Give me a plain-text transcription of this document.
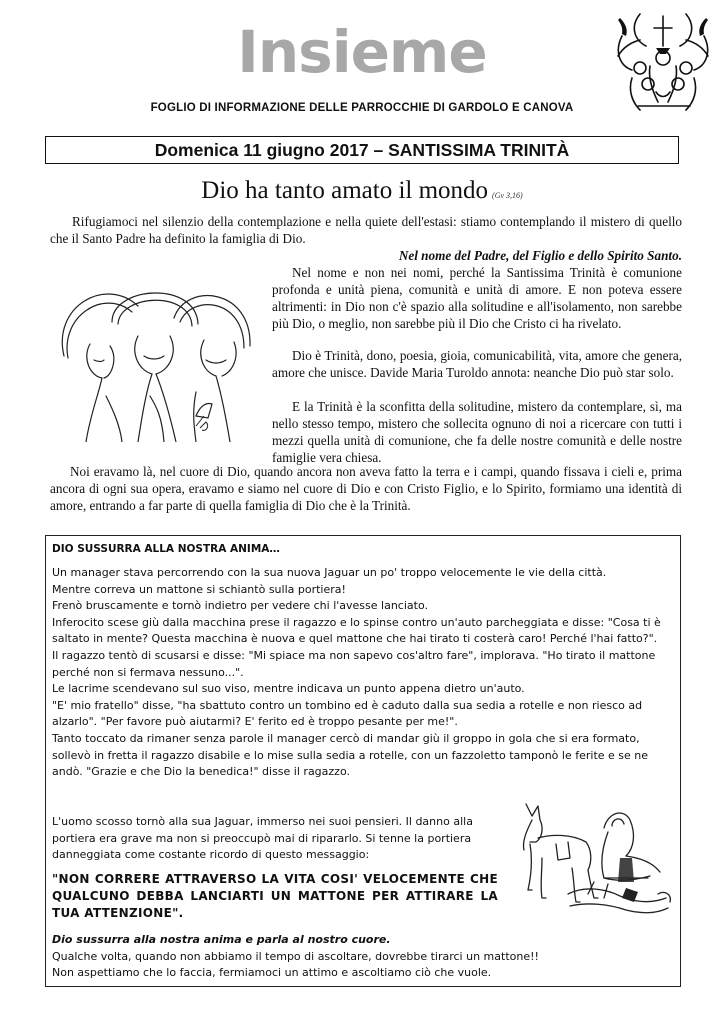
Insieme
FOGLIO DI INFORMAZIONE DELLE PARROCCHIE DI GARDOLO E CANOVA
Domenica 11 giugno 2017 – SANTISSIMA TRINITÀ
Dio ha tanto amato il mondo (Gv 3,16)
Rifugiamoci nel silenzio della contemplazione e nella quiete dell'estasi: stiamo contemplando il mistero di quello che il Santo Padre ha definito la famiglia di Dio.
Nel nome del Padre, del Figlio e dello Spirito Santo.
Nel nome e non nei nomi, perché la Santissima Trinità è comunione profonda e unità piena, comunità e unità di amore. E non poteva essere altrimenti: in Dio non c'è spazio alla solitudine e all'isolamento, non sarebbe più Dio, o meglio, non sarebbe più il Dio che Cristo ci ha rivelato.
Dio è Trinità, dono, poesia, gioia, comunicabilità, vita, amore che genera, amore che unisce. Davide Maria Turoldo annota: neanche Dio può star solo.
E la Trinità è la sconfitta della solitudine, mistero da contemplare, sì, ma nello stesso tempo, mistero che sollecita ognuno di noi a ricercare con tutti i mezzi quella unità di comunione, che fa delle nostre comunità e delle nostre famiglie vera chiesa.
Noi eravamo là, nel cuore di Dio, quando ancora non aveva fatto la terra e i campi, quando fissava i cieli e, prima ancora di ogni sua opera, eravamo e siamo nel cuore di Dio e con Cristo Figlio, e lo Spirito, formiamo una identità di amore, entrando a far parte di quella famiglia di Dio che è la Trinità.
DIO SUSSURRA ALLA NOSTRA ANIMA…

Un manager stava percorrendo con la sua nuova Jaguar un po' troppo velocemente le vie della città.

Mentre correva un mattone si schiantò sulla portiera!

Frenò bruscamente e tornò indietro per vedere chi l'avesse lanciato.

Inferocito scese giù dalla macchina prese il ragazzo e lo spinse contro un'auto parcheggiata e disse: "Cosa ti è saltato in mente? Questa macchina è nuova e quel mattone che hai tirato ti costerà caro! Perché l'hai fatto?".

Il ragazzo tentò di scusarsi e disse: "Mi spiace ma non sapevo cos'altro fare", implorava. "Ho tirato il mattone perché non si fermava nessuno...".

Le lacrime scendevano sul suo viso, mentre indicava un punto appena dietro un'auto.

"E' mio fratello" disse, "ha sbattuto contro un tombino ed è caduto dalla sua sedia a rotelle e non riesco ad alzarlo". "Per favore può aiutarmi? E' ferito ed è troppo pesante per me!".

Tanto toccato da rimaner senza parole il manager cercò di mandar giù il groppo in gola che si era formato, sollevò in fretta il ragazzo disabile e lo mise sulla sedia a rotelle, con un fazzoletto tamponò le ferite e se ne andò. "Grazie e che Dio la benedica!" disse il ragazzo.

L'uomo scosso tornò alla sua Jaguar, immerso nei suoi pensieri. Il danno alla portiera era grave ma non si preoccupò mai di ripararlo. Si tenne la portiera danneggiata come costante ricordo di questo messaggio:

"NON CORRERE ATTRAVERSO LA VITA COSI' VELOCEMENTE CHE QUALCUNO DEBBA LANCIARTI UN MATTONE PER ATTIRARE LA TUA ATTENZIONE".

Dio sussurra alla nostra anima e parla al nostro cuore.

Qualche volta, quando non abbiamo il tempo di ascoltare, dovrebbe tirarci un mattone!!

Non aspettiamo che lo faccia, fermiamoci un attimo e ascoltiamo ciò che vuole.
